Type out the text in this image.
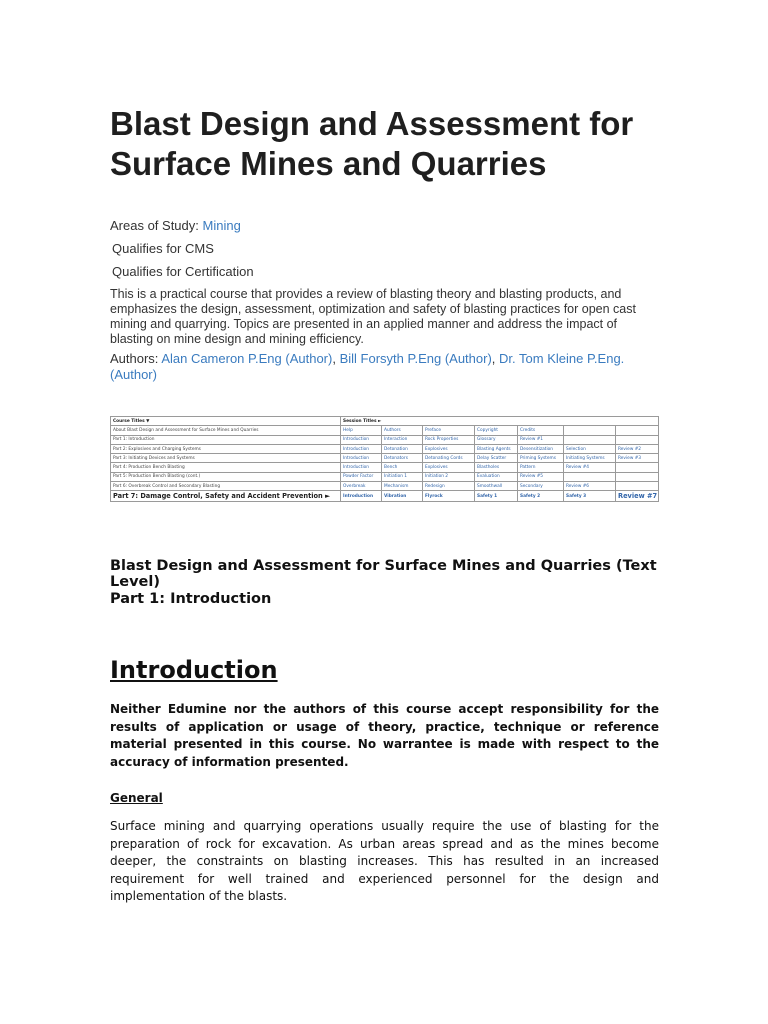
Blast Design and Assessment for Surface Mines and Quarries
Areas of Study: Mining
Qualifies for CMS
Qualifies for Certification

This is a practical course that provides a review of blasting theory and blasting products, and emphasizes the design, assessment, optimization and safety of blasting practices for open cast mining and quarrying. Topics are presented in an applied manner and address the impact of blasting on mine design and mining efficiency.

Authors: Alan Cameron P.Eng (Author), Bill Forsyth P.Eng (Author), Dr. Tom Kleine P.Eng. (Author)
Course Titles ▼	Session Titles ►							
About Blast Design and Assessment for Surface Mines and Quarries	Help	Authors	Preface	Copyright	Credits			
Part 1: Introduction	Introduction	Interaction	Rock Properties	Glossary	Review #1			
Part 2: Explosives and Charging Systems	Introduction	Detonation	Explosives	Blasting Agents	Desensitization	Selection	Review #2	
Part 3: Initiating Devices and Systems	Introduction	Detonators	Detonating Cords	Delay Scatter	Priming Systems	Initiating Systems	Review #3	
Part 4: Production Bench Blasting	Introduction	Bench	Explosives	Blastholes	Pattern	Review #4		
Part 5: Production Bench Blasting (cont.)	Powder Factor	Initiation 1	Initiation 2	Evaluation	Review #5			
Part 6: Overbreak Control and Secondary Blasting	Overbreak	Mechanism	Redesign	Smoothwall	Secondary	Review #6		
Part 7: Damage Control, Safety and Accident Prevention ►	Introduction	Vibration	Flyrock	Safety 1	Safety 2	Safety 3	Review #7	
Blast Design and Assessment for Surface Mines and Quarries (Text Level)
Part 1: Introduction
Introduction

Neither Edumine nor the authors of this course accept responsibility for the results of application or usage of theory, practice, technique or reference material presented in this course. No warrantee is made with respect to the accuracy of information presented.

General

Surface mining and quarrying operations usually require the use of blasting for the preparation of rock for excavation. As urban areas spread and as the mines become deeper, the constraints on blasting increases. This has resulted in an increased requirement for well trained and experienced personnel for the design and implementation of the blasts.
